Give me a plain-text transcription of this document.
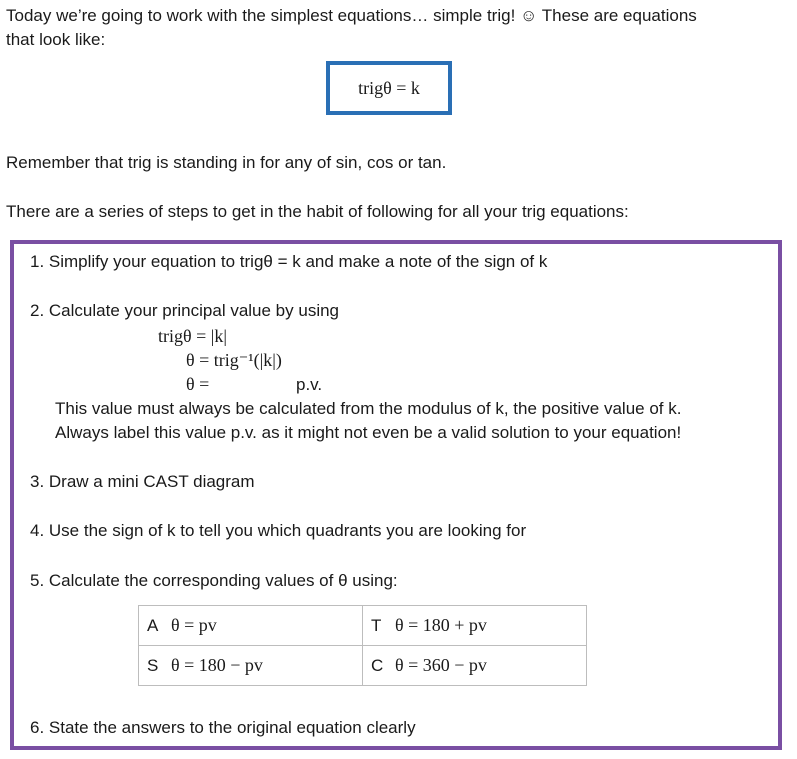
Today we’re going to work with the simplest equations… simple trig! ☺ These are equations
that look like:
trigθ = k
Remember that trig is standing in for any of sin, cos or tan.
There are a series of steps to get in the habit of following for all your trig equations:
1. Simplify your equation to trigθ = k and make a note of the sign of k
2. Calculate your principal value by using
trigθ = |k|
θ = trig⁻¹(|k|)
θ =	p.v.
This value must always be calculated from the modulus of k, the positive value of k.
Always label this value p.v. as it might not even be a valid solution to your equation!
3. Draw a mini CAST diagram
4. Use the sign of k to tell you which quadrants you are looking for
5. Calculate the corresponding values of θ using:
A θ = pv	T θ = 180 + pv
S θ = 180 − pv	C θ = 360 − pv
6. State the answers to the original equation clearly
